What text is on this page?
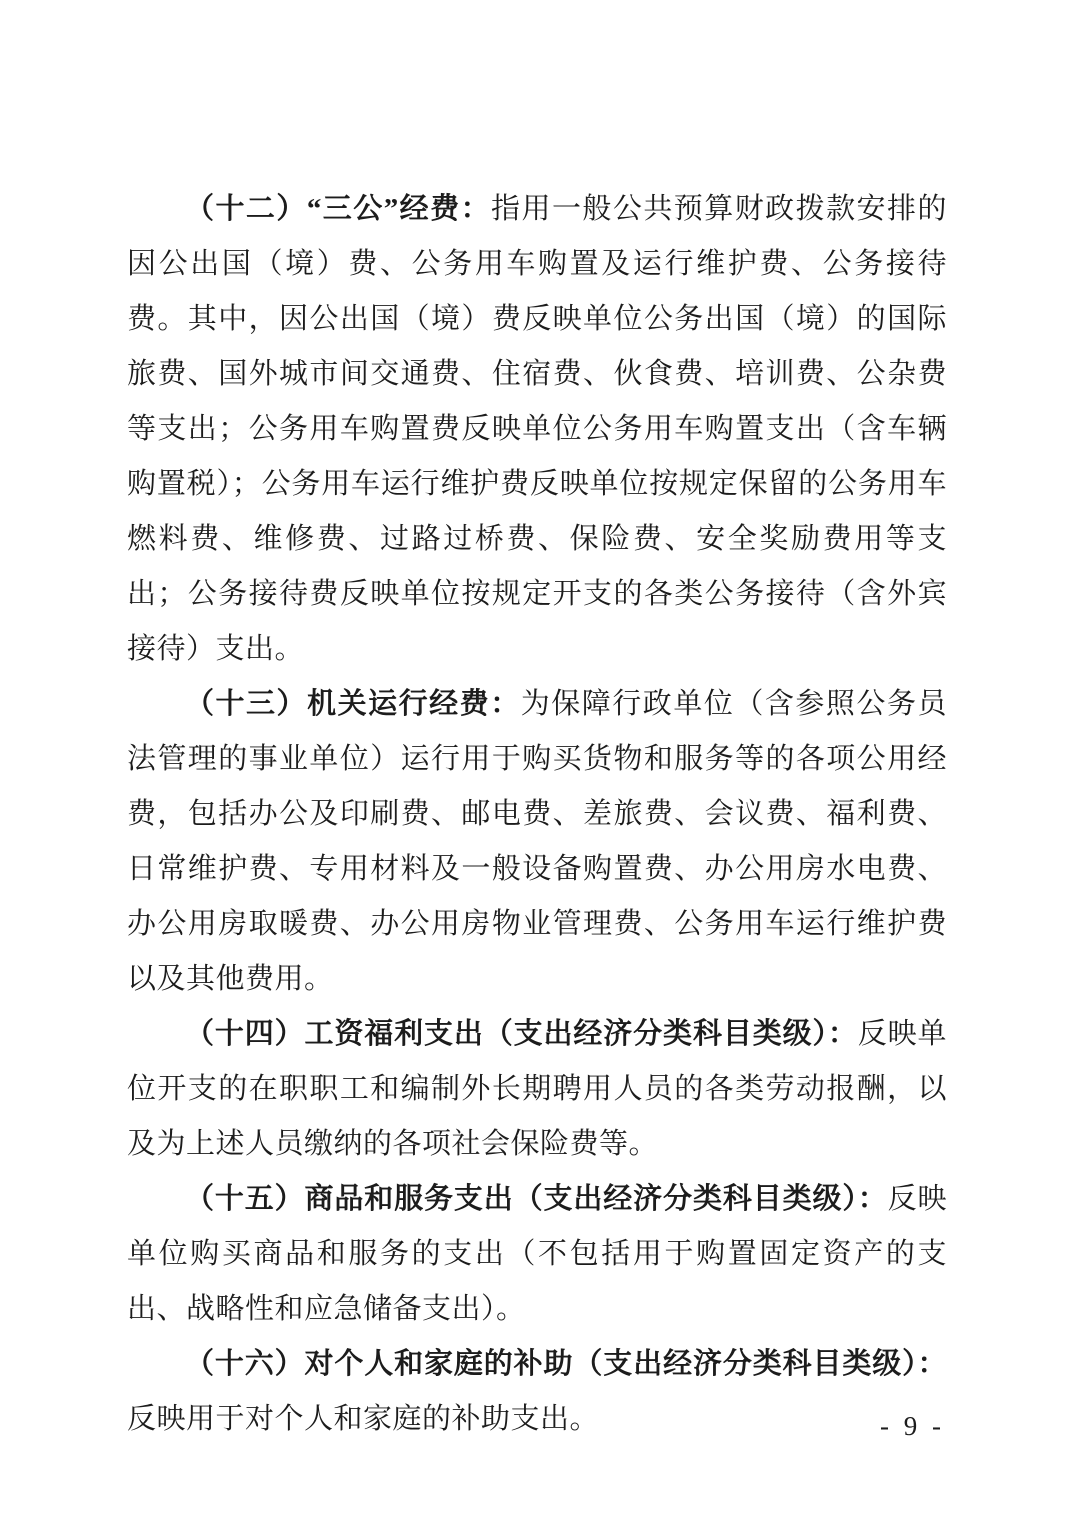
（十二）“三公”经费：指用一般公共预算财政拨款安排的因公出国（境）费、公务用车购置及运行维护费、公务接待费。其中，因公出国（境）费反映单位公务出国（境）的国际旅费、国外城市间交通费、住宿费、伙食费、培训费、公杂费等支出；公务用车购置费反映单位公务用车购置支出（含车辆购置税）；公务用车运行维护费反映单位按规定保留的公务用车燃料费、维修费、过路过桥费、保险费、安全奖励费用等支出；公务接待费反映单位按规定开支的各类公务接待（含外宾接待）支出。

（十三）机关运行经费：为保障行政单位（含参照公务员法管理的事业单位）运行用于购买货物和服务等的各项公用经费，包括办公及印刷费、邮电费、差旅费、会议费、福利费、日常维护费、专用材料及一般设备购置费、办公用房水电费、办公用房取暖费、办公用房物业管理费、公务用车运行维护费以及其他费用。

（十四）工资福利支出（支出经济分类科目类级）：反映单位开支的在职职工和编制外长期聘用人员的各类劳动报酬，以及为上述人员缴纳的各项社会保险费等。

（十五）商品和服务支出（支出经济分类科目类级）：反映单位购买商品和服务的支出（不包括用于购置固定资产的支出、战略性和应急储备支出）。

（十六）对个人和家庭的补助（支出经济分类科目类级）：反映用于对个人和家庭的补助支出。	- 9 -
